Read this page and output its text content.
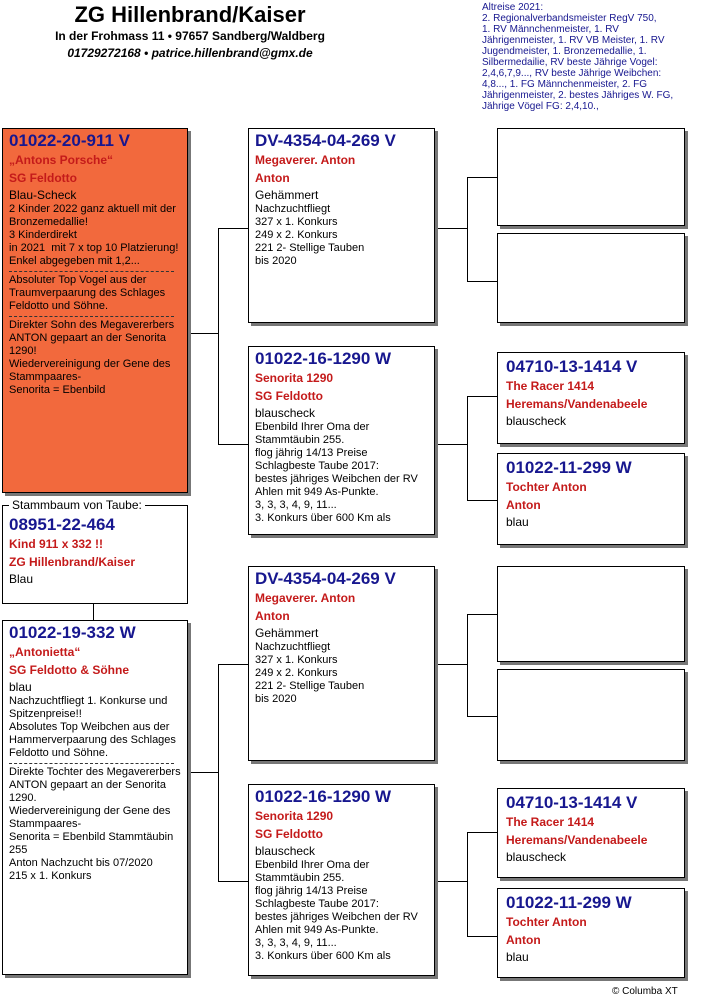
ZG Hillenbrand/Kaiser
In der Frohmass 11 • 97657 Sandberg/Waldberg
01729272168 • patrice.hillenbrand@gmx.de
Altreise 2021:
2. Regionalverbandsmeister RegV 750,
1. RV Männchenmeister, 1. RV Jährigenmeister, 1. RV VB Meister, 1. RV Jugendmeister, 1. Bronzemedallie, 1. Silbermedailie, RV beste Jährige Vogel: 2,4,6,7,9..., RV beste Jährige Weibchen: 4,8..., 1. FG Männchenmeister, 2. FG Jährigenmeister, 2. bestes Jähriges W. FG, Jährige Vögel FG: 2,4,10.,
01022-20-911 V
„Antons Porsche“
SG Feldotto
Blau-Scheck
2 Kinder 2022 ganz aktuell mit der Bronzemedallie!
3 Kinderdirekt
in 2021  mit 7 x top 10 Platzierung!
Enkel abgegeben mit 1,2...
Absoluter Top Vogel aus der Traumverpaarung des Schlages
Feldotto und Söhne.
Direkter Sohn des Megavererbers
ANTON gepaart an der Senorita 1290!
Wiedervereinigung der Gene des
Stammpaares-
Senorita = Ebenbild
Stammbaum von Taube:
08951-22-464
Kind 911 x 332 !!
ZG Hillenbrand/Kaiser
Blau
01022-19-332 W
„Antonietta“
SG Feldotto & Söhne
blau
Nachzuchtfliegt 1. Konkurse und
Spitzenpreise!!
Absolutes Top Weibchen aus der
Hammerverpaarung des Schlages
Feldotto und Söhne.
Direkte Tochter des Megavererbers
ANTON gepaart an der Senorita
1290.
Wiedervereinigung der Gene des
Stammpaares-
Senorita = Ebenbild Stammtäubin 255
Anton Nachzucht bis 07/2020
215 x 1. Konkurs
DV-4354-04-269 V
Megaverer. Anton
Anton
Gehämmert
Nachzuchtfliegt
327 x 1. Konkurs
249 x 2. Konkurs
221 2- Stellige Tauben
bis 2020
01022-16-1290 W
Senorita 1290
SG Feldotto
blauscheck
Ebenbild Ihrer Oma der Stammtäubin 255.
flog jährig 14/13 Preise
Schlagbeste Taube 2017:
bestes jähriges Weibchen der RV Ahlen mit 949 As-Punkte.
3, 3, 3, 4, 9, 11...
3. Konkurs über 600 Km als
DV-4354-04-269 V
Megaverer. Anton
Anton
Gehämmert
Nachzuchtfliegt
327 x 1. Konkurs
249 x 2. Konkurs
221 2- Stellige Tauben
bis 2020
01022-16-1290 W
Senorita 1290
SG Feldotto
blauscheck
Ebenbild Ihrer Oma der Stammtäubin 255.
flog jährig 14/13 Preise
Schlagbeste Taube 2017:
bestes jähriges Weibchen der RV Ahlen mit 949 As-Punkte.
3, 3, 3, 4, 9, 11...
3. Konkurs über 600 Km als
04710-13-1414 V
The Racer 1414
Heremans/Vandenabeele
blauscheck
01022-11-299 W
Tochter Anton
Anton
blau
04710-13-1414 V
The Racer 1414
Heremans/Vandenabeele
blauscheck
01022-11-299 W
Tochter Anton
Anton
blau
© Columba XT
